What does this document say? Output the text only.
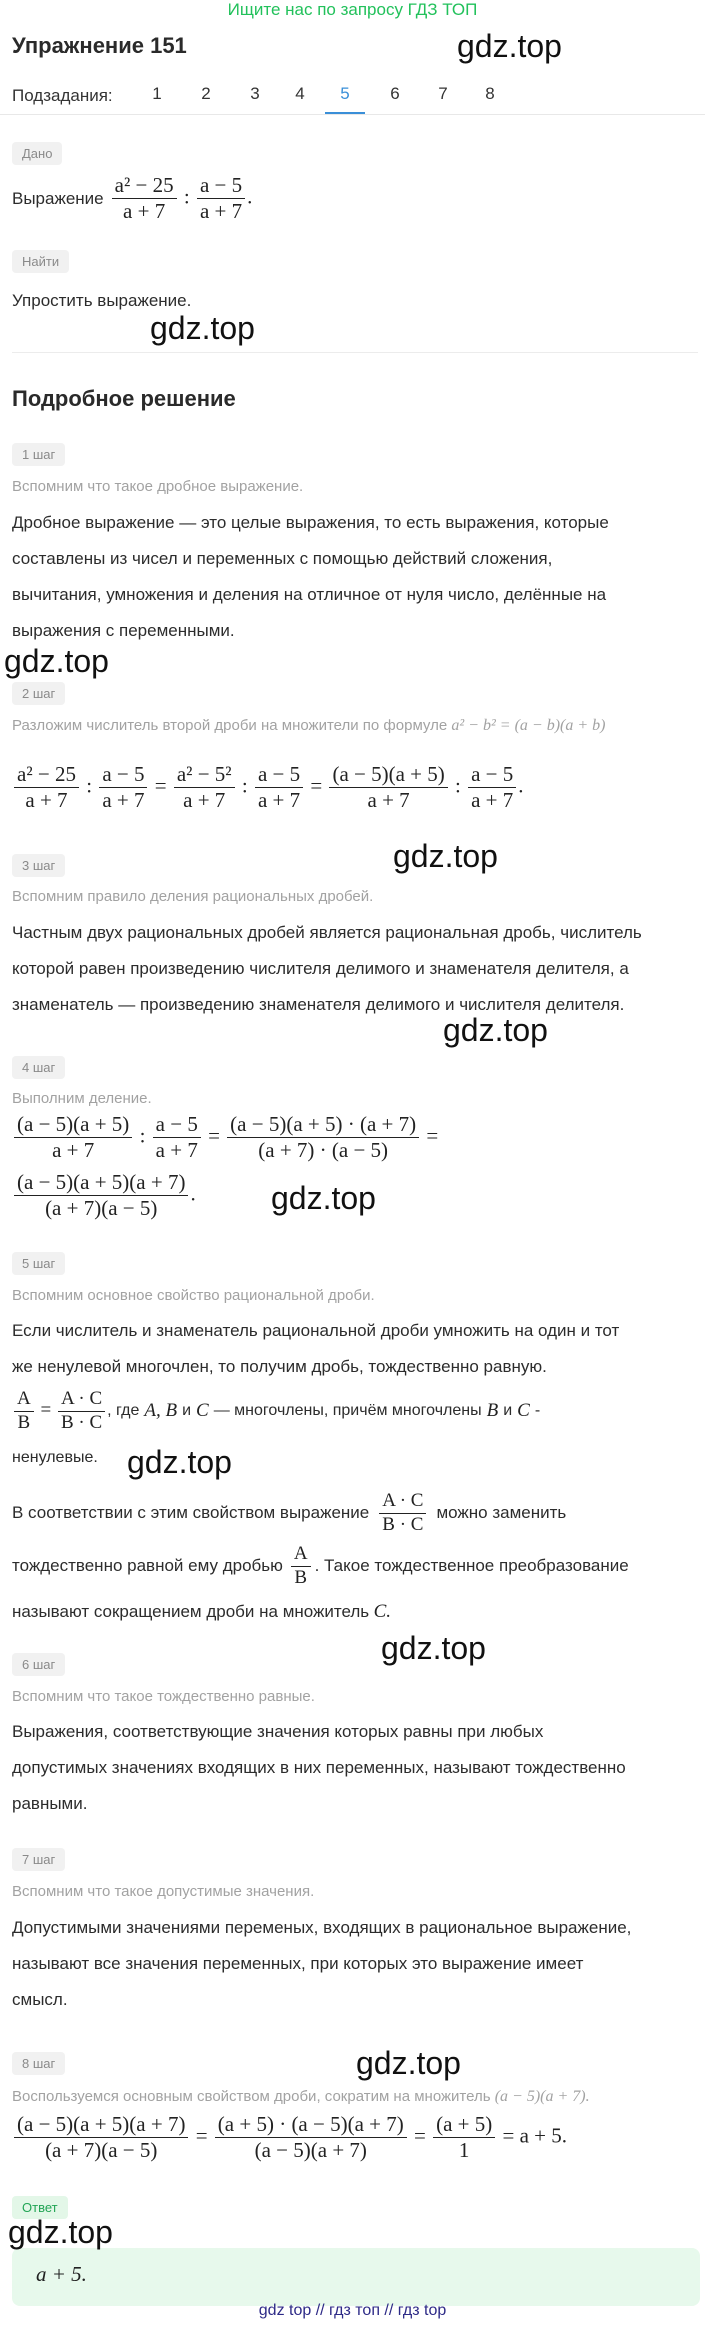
Ищите нас по запросу ГДЗ ТОП
Упражнение 151	gdz.top
Подзадания:	1	2	3	4	5	6	7	8
Дано
Выражение $\frac{\text{a² − 25}}{a + 7}$ : $\frac{a - 5}{a + 7}$ .
Найти
Упростить выражение.
gdz.top
Подробное решение
1 шаг
Вспомним что такое дробное выражение.
Дробное выражение — это целые выражения, то есть выражения, которые
составлены из чисел и переменных с помощью действий сложения,
вычитания, умножения и деления на отличное от нуля число, делённые на
выражения с переменными.
gdz.top
2 шаг
Разложим числитель второй дроби на множители по формуле a² − b² = (a − b)(a + b)
$\frac{\text{a² − 25}}{a + 7}$ : $\frac{a - 5}{a + 7} = \frac{\text{a² − 5²}}{a + 7}$ : $\frac{a - 5}{a + 7} = \frac{(a - 5)(a + 5)}{a + 7}$ : $\frac{a - 5}{a + 7}$ .
gdz.top
3 шаг
Вспомним правило деления рациональных дробей.
Частным двух рациональных дробей является рациональная дробь, числитель
которой равен произведению числителя делимого и знаменателя делителя, а
знаменатель — произведению знаменателя делимого и числителя делителя.
gdz.top
4 шаг
Выполним деление.
$\frac{(a - 5)(a + 5)}{a + 7}$ : $\frac{a - 5}{a + 7} = \frac{(a - 5)(a + 5) \cdot (a + 7)}{(a + 7) \cdot (a - 5)}$ =
$\frac{(a - 5)(a + 5)(a + 7)}{(a + 7)(a - 5)}$ . gdz.top
5 шаг
Вспомним основное свойство рациональной дроби.
Если числитель и знаменатель рациональной дроби умножить на один и тот
же ненулевой многочлен, то получим дробь, тождественно равную.
$\frac{A}{B} = \frac{A \cdot C}{B \cdot C}$ , где A, B и C — многочлены, причём многочлены B и C -
ненулевые. gdz.top
В соответствии с этим свойством выражение $\frac{A \cdot C}{B \cdot C}$ можно заменить
тождественно равной ему дробью $\frac{A}{B}$ . Такое тождественное преобразование
называют сокращением дроби на множитель C.
gdz.top
6 шаг
Вспомним что такое тождественно равные.
Выражения, соответствующие значения которых равны при любых
допустимых значениях входящих в них переменных, называют тождественно
равными.
7 шаг
Вспомним что такое допустимые значения.
Допустимыми значениями переменых, входящих в рациональное выражение,
называют все значения переменных, при которых это выражение имеет
смысл.
8 шаг	gdz.top
Воспользуемся основным свойством дроби, сократим на множитель (a − 5)(a + 7).
$\frac{(a - 5)(a + 5)(a + 7)}{(a + 7)(a - 5)} = \frac{(a + 5) \cdot (a - 5)(a + 7)}{(a - 5)(a + 7)} = \frac{(a + 5)}{1} = a + 5$.
Ответ
gdz.top
a + 5.
gdz top // гдз топ // гдз top
